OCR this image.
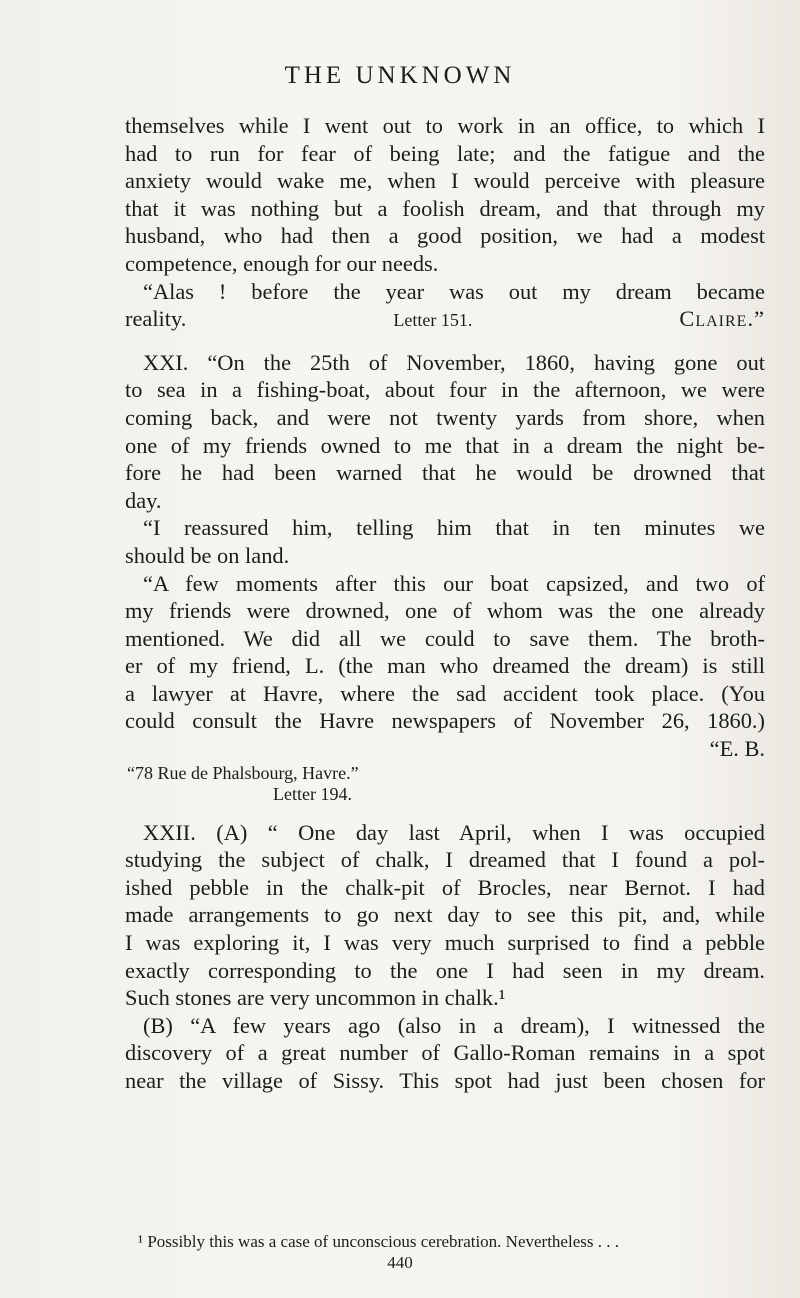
THE UNKNOWN
themselves while I went out to work in an office, to which I
had to run for fear of being late; and the fatigue and the
anxiety would wake me, when I would perceive with pleasure
that it was nothing but a foolish dream, and that through my
husband, who had then a good position, we had a modest
competence, enough for our needs.
“Alas ! before the year was out my dream became
reality.	Letter 151.	Claire.”
XXI. “On the 25th of November, 1860, having gone out
to sea in a fishing-boat, about four in the afternoon, we were
coming back, and were not twenty yards from shore, when
one of my friends owned to me that in a dream the night be-
fore he had been warned that he would be drowned that
day.
“I reassured him, telling him that in ten minutes we
should be on land.
“A few moments after this our boat capsized, and two of
my friends were drowned, one of whom was the one already
mentioned. We did all we could to save them. The broth-
er of my friend, L. (the man who dreamed the dream) is still
a lawyer at Havre, where the sad accident took place. (You
could consult the Havre newspapers of November 26, 1860.)
“E. B.
“78 Rue de Phalsbourg, Havre.”
Letter 194.
XXII. (A) “ One day last April, when I was occupied
studying the subject of chalk, I dreamed that I found a pol-
ished pebble in the chalk-pit of Brocles, near Bernot. I had
made arrangements to go next day to see this pit, and, while
I was exploring it, I was very much surprised to find a pebble
exactly corresponding to the one I had seen in my dream.
Such stones are very uncommon in chalk.¹
(B) “A few years ago (also in a dream), I witnessed the
discovery of a great number of Gallo-Roman remains in a spot
near the village of Sissy. This spot had just been chosen for
¹ Possibly this was a case of unconscious cerebration. Nevertheless . . .
440
